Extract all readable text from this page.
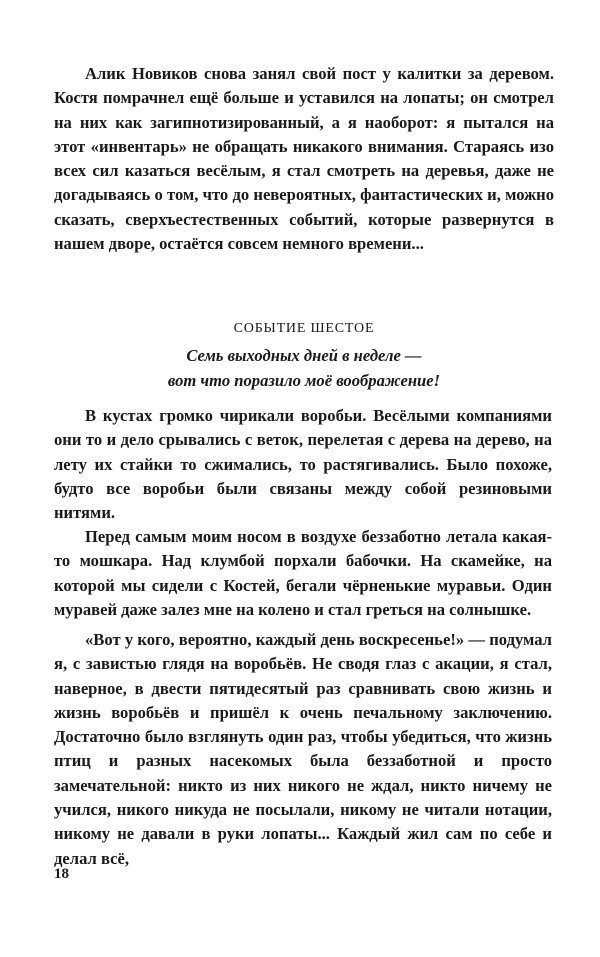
Алик Новиков снова занял свой пост у калитки за деревом. Костя помрачнел ещё больше и уставился на лопаты; он смотрел на них как загипнотизированный, а я наоборот: я пытался на этот «инвентарь» не обращать никакого внимания. Стараясь изо всех сил казаться весёлым, я стал смотреть на деревья, даже не догадываясь о том, что до невероятных, фантастических и, можно сказать, сверхъестественных событий, которые развернутся в нашем дворе, остаётся совсем немного времени...

СОБЫТИЕ ШЕСТОЕ

Семь выходных дней в неделе —
вот что поразило моё воображение!

В кустах громко чирикали воробьи. Весёлыми компаниями они то и дело срывались с веток, перелетая с дерева на дерево, на лету их стайки то сжимались, то растягивались. Было похоже, будто все воробьи были связаны между собой резиновыми нитями.

Перед самым моим носом в воздухе беззаботно летала какая-то мошкара. Над клумбой порхали бабочки. На скамейке, на которой мы сидели с Костей, бегали чёрненькие муравьи. Один муравей даже залез мне на колено и стал греться на солнышке.

«Вот у кого, вероятно, каждый день воскресенье!» — подумал я, с завистью глядя на воробьёв. Не сводя глаз с акации, я стал, наверное, в двести пятидесятый раз сравнивать свою жизнь и жизнь воробьёв и пришёл к очень печальному заключению. Достаточно было взглянуть один раз, чтобы убедиться, что жизнь птиц и разных насекомых была беззаботной и просто замечательной: никто из них никого не ждал, никто ничему не учился, никого никуда не посылали, никому не читали нотации, никому не давали в руки лопаты... Каждый жил сам по себе и делал всё,

18
